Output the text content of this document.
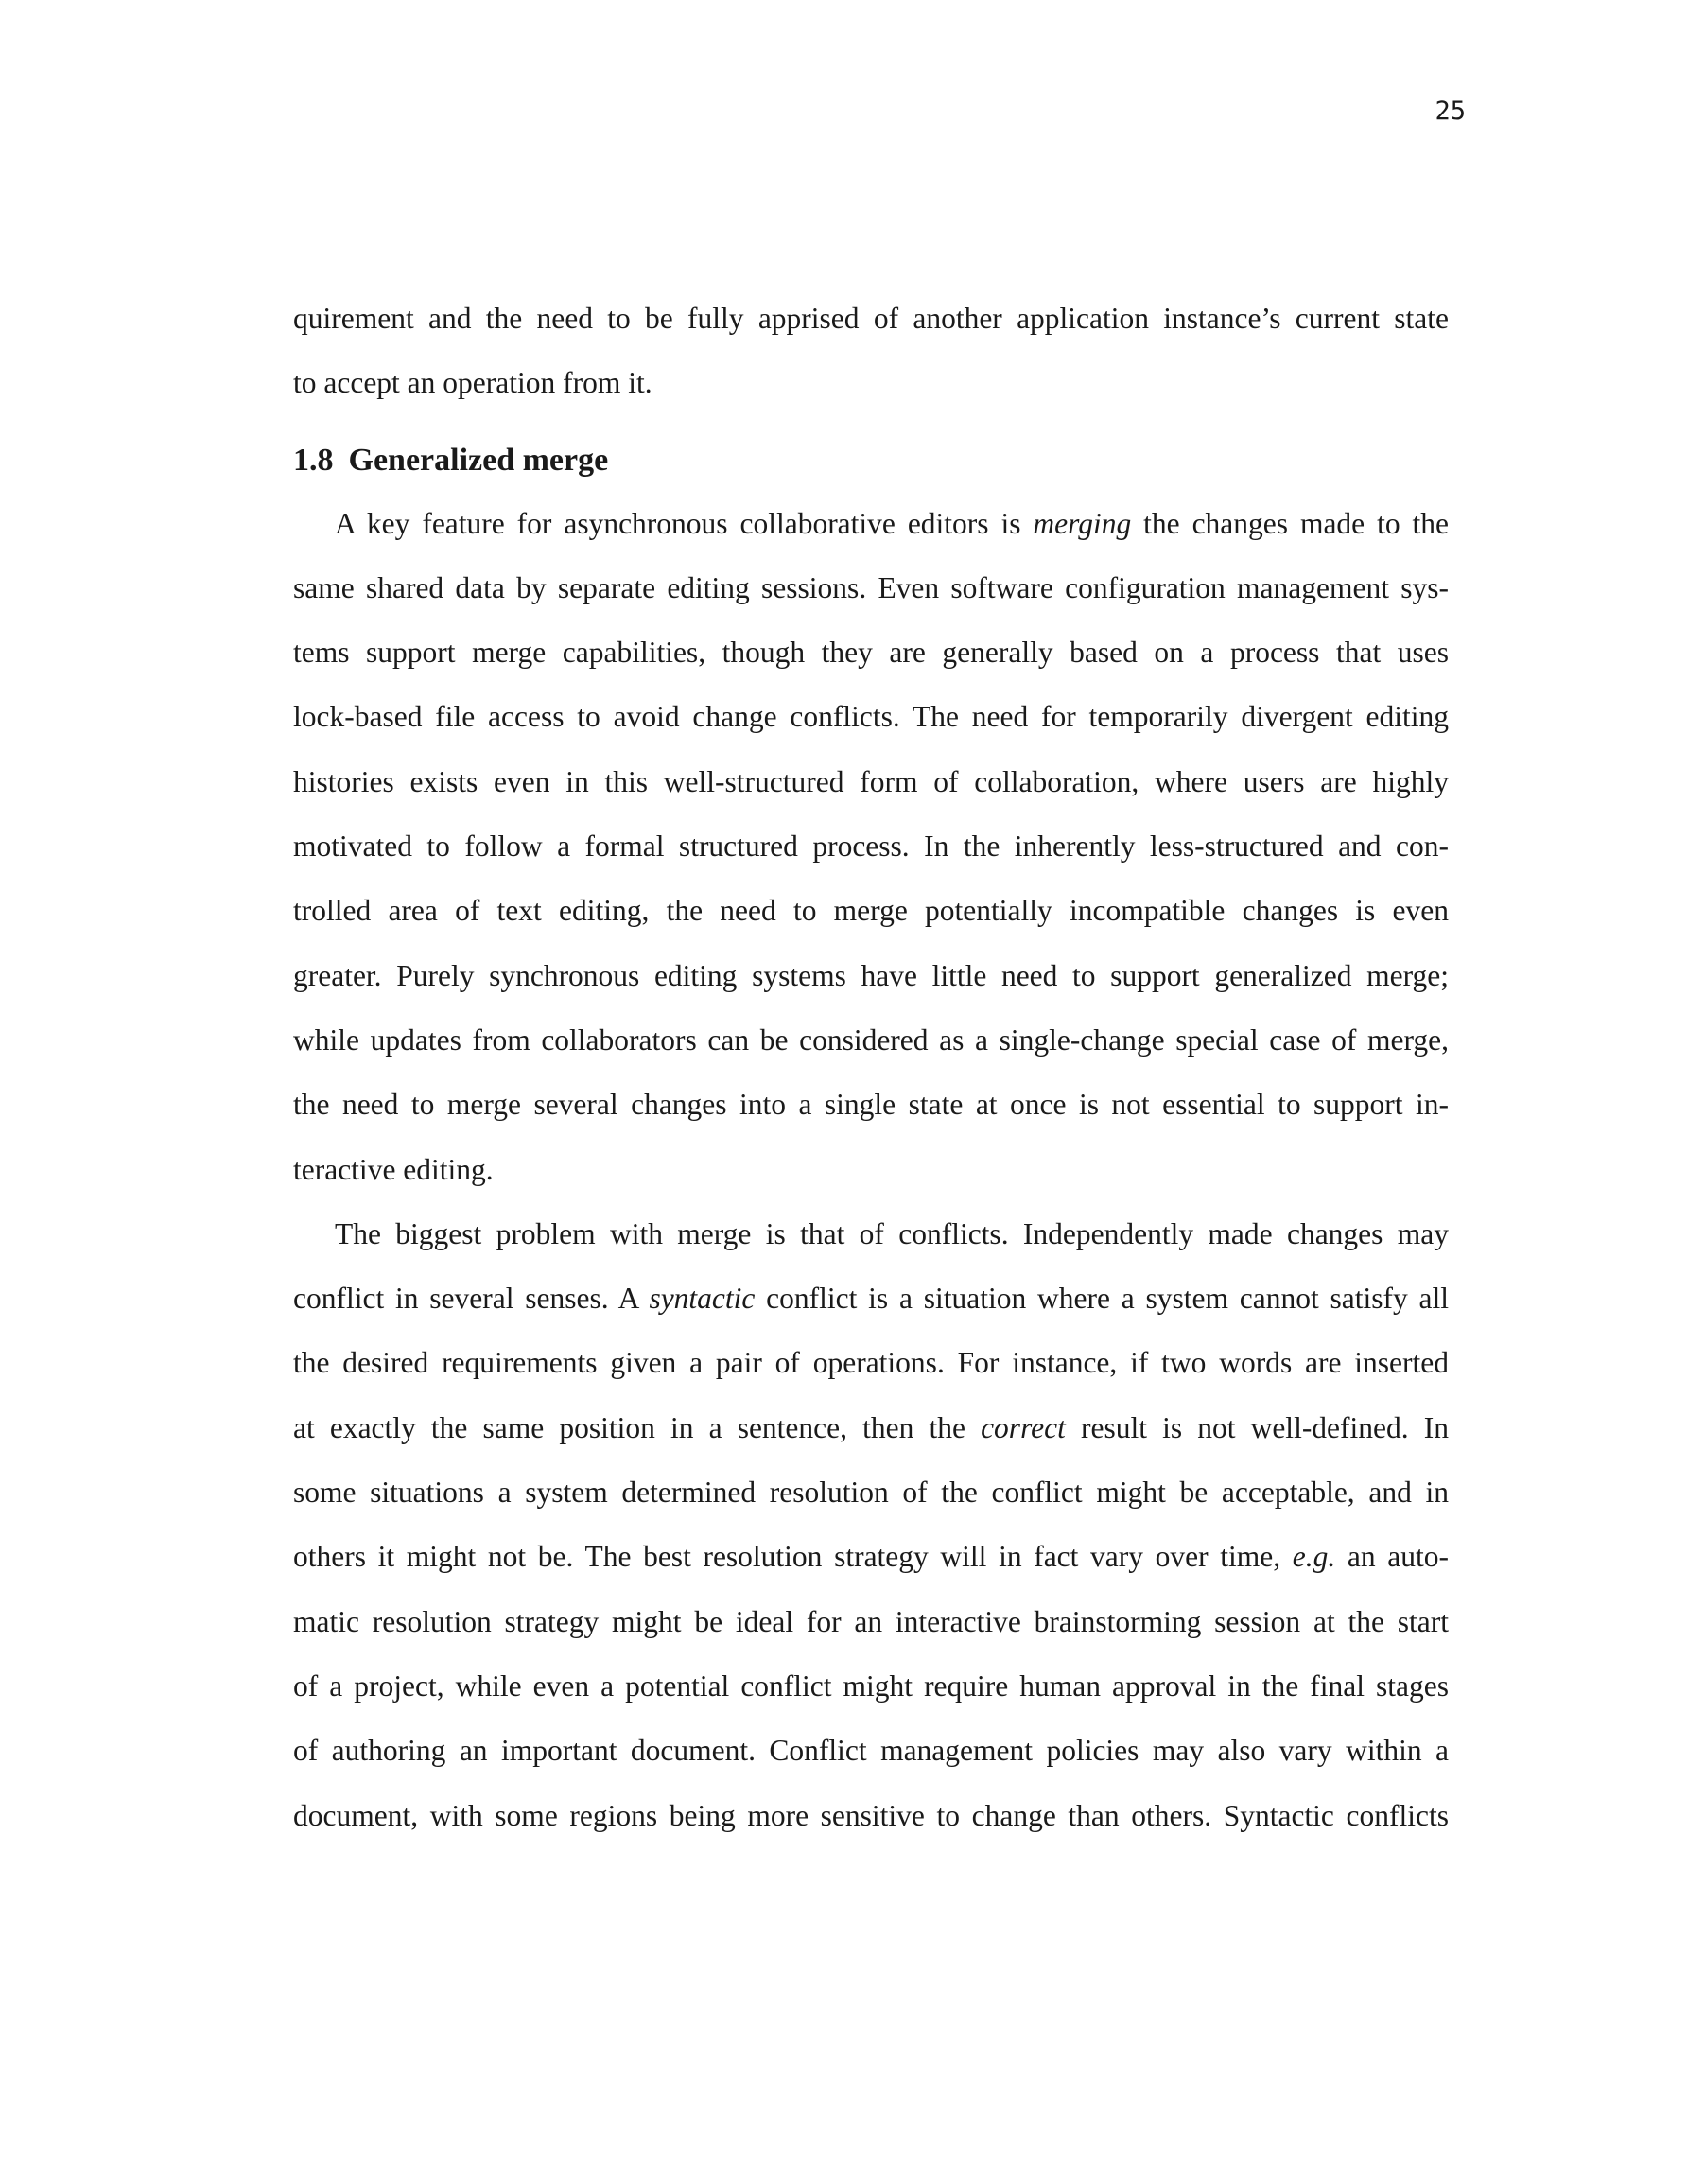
25
quirement and the need to be fully apprised of another application instance’s current state
to accept an operation from it.
1.8 Generalized merge
A key feature for asynchronous collaborative editors is merging the changes made to the
same shared data by separate editing sessions. Even software configuration management sys-
tems support merge capabilities, though they are generally based on a process that uses
lock-based file access to avoid change conflicts. The need for temporarily divergent editing
histories exists even in this well-structured form of collaboration, where users are highly
motivated to follow a formal structured process. In the inherently less-structured and con-
trolled area of text editing, the need to merge potentially incompatible changes is even
greater. Purely synchronous editing systems have little need to support generalized merge;
while updates from collaborators can be considered as a single-change special case of merge,
the need to merge several changes into a single state at once is not essential to support in-
teractive editing.
The biggest problem with merge is that of conflicts. Independently made changes may
conflict in several senses. A syntactic conflict is a situation where a system cannot satisfy all
the desired requirements given a pair of operations. For instance, if two words are inserted
at exactly the same position in a sentence, then the correct result is not well-defined. In
some situations a system determined resolution of the conflict might be acceptable, and in
others it might not be. The best resolution strategy will in fact vary over time, e.g. an auto-
matic resolution strategy might be ideal for an interactive brainstorming session at the start
of a project, while even a potential conflict might require human approval in the final stages
of authoring an important document. Conflict management policies may also vary within a
document, with some regions being more sensitive to change than others. Syntactic conflicts
